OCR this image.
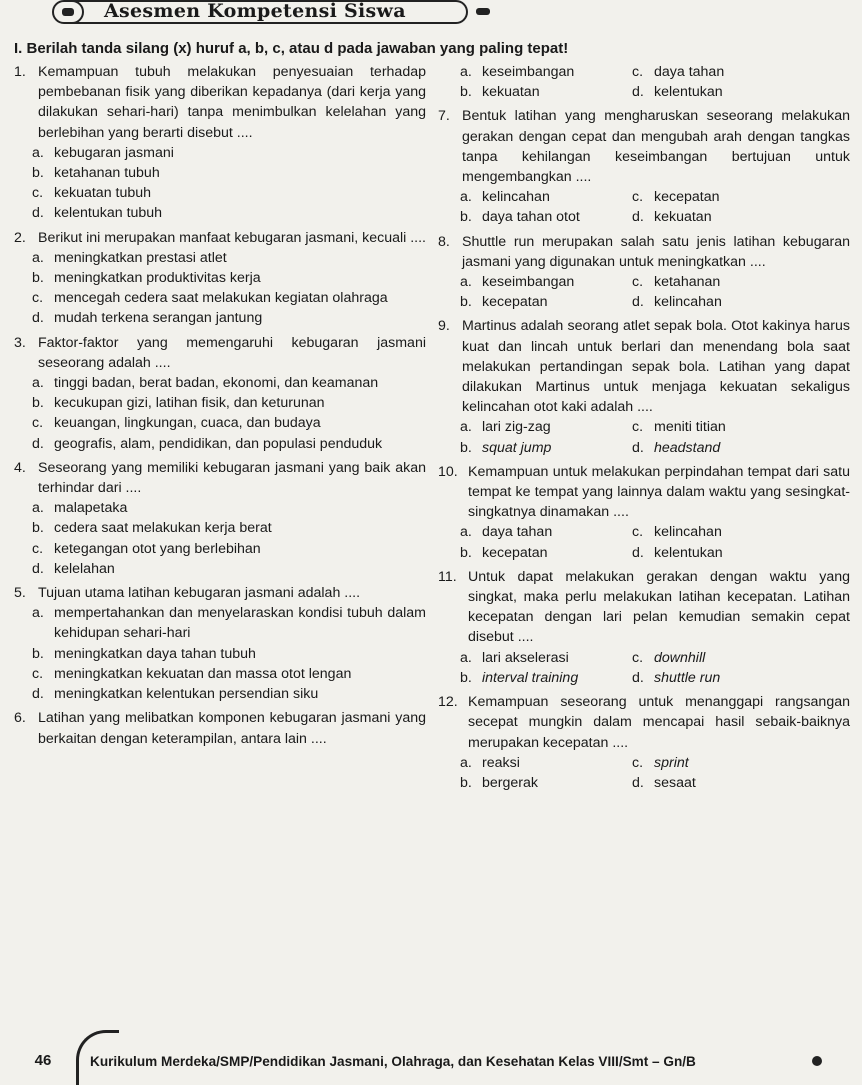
Asesmen Kompetensi Siswa
I. Berilah tanda silang (x) huruf a, b, c, atau d pada jawaban yang paling tepat!
1. Kemampuan tubuh melakukan penyesuaian terhadap pembebanan fisik yang diberikan kepadanya (dari kerja yang dilakukan sehari-hari) tanpa menimbulkan kelelahan yang berlebihan yang berarti disebut ....
a. kebugaran jasmani
b. ketahanan tubuh
c. kekuatan tubuh
d. kelentukan tubuh
2. Berikut ini merupakan manfaat kebugaran jasmani, kecuali ....
a. meningkatkan prestasi atlet
b. meningkatkan produktivitas kerja
c. mencegah cedera saat melakukan kegiatan olahraga
d. mudah terkena serangan jantung
3. Faktor-faktor yang memengaruhi kebugaran jasmani seseorang adalah ....
a. tinggi badan, berat badan, ekonomi, dan keamanan
b. kecukupan gizi, latihan fisik, dan keturunan
c. keuangan, lingkungan, cuaca, dan budaya
d. geografis, alam, pendidikan, dan populasi penduduk
4. Seseorang yang memiliki kebugaran jasmani yang baik akan terhindar dari ....
a. malapetaka
b. cedera saat melakukan kerja berat
c. ketegangan otot yang berlebihan
d. kelelahan
5. Tujuan utama latihan kebugaran jasmani adalah ....
a. mempertahankan dan menyelaraskan kondisi tubuh dalam kehidupan sehari-hari
b. meningkatkan daya tahan tubuh
c. meningkatkan kekuatan dan massa otot lengan
d. meningkatkan kelentukan persendian siku
6. Latihan yang melibatkan komponen kebugaran jasmani yang berkaitan dengan keterampilan, antara lain ....
a. keseimbangan	c. daya tahan
b. kekuatan	d. kelentukan
7. Bentuk latihan yang mengharuskan seseorang melakukan gerakan dengan cepat dan mengubah arah dengan tangkas tanpa kehilangan keseimbangan bertujuan untuk mengembangkan ....
a. kelincahan	c. kecepatan
b. daya tahan otot	d. kekuatan
8. Shuttle run merupakan salah satu jenis latihan kebugaran jasmani yang digunakan untuk meningkatkan ....
a. keseimbangan	c. ketahanan
b. kecepatan	d. kelincahan
9. Martinus adalah seorang atlet sepak bola. Otot kakinya harus kuat dan lincah untuk berlari dan menendang bola saat melakukan pertandingan sepak bola. Latihan yang dapat dilakukan Martinus untuk menjaga kekuatan sekaligus kelincahan otot kaki adalah ....
a. lari zig-zag	c. meniti titian
b. squat jump	d. headstand
10. Kemampuan untuk melakukan perpindahan tempat dari satu tempat ke tempat yang lainnya dalam waktu yang sesingkat-singkatnya dinamakan ....
a. daya tahan	c. kelincahan
b. kecepatan	d. kelentukan
11. Untuk dapat melakukan gerakan dengan waktu yang singkat, maka perlu melakukan latihan kecepatan. Latihan kecepatan dengan lari pelan kemudian semakin cepat disebut ....
a. lari akselerasi	c. downhill
b. interval training	d. shuttle run
12. Kemampuan seseorang untuk menanggapi rangsangan secepat mungkin dalam mencapai hasil sebaik-baiknya merupakan kecepatan ....
a. reaksi	c. sprint
b. bergerak	d. sesaat
46	Kurikulum Merdeka/SMP/Pendidikan Jasmani, Olahraga, dan Kesehatan Kelas VIII/Smt – Gn/B
